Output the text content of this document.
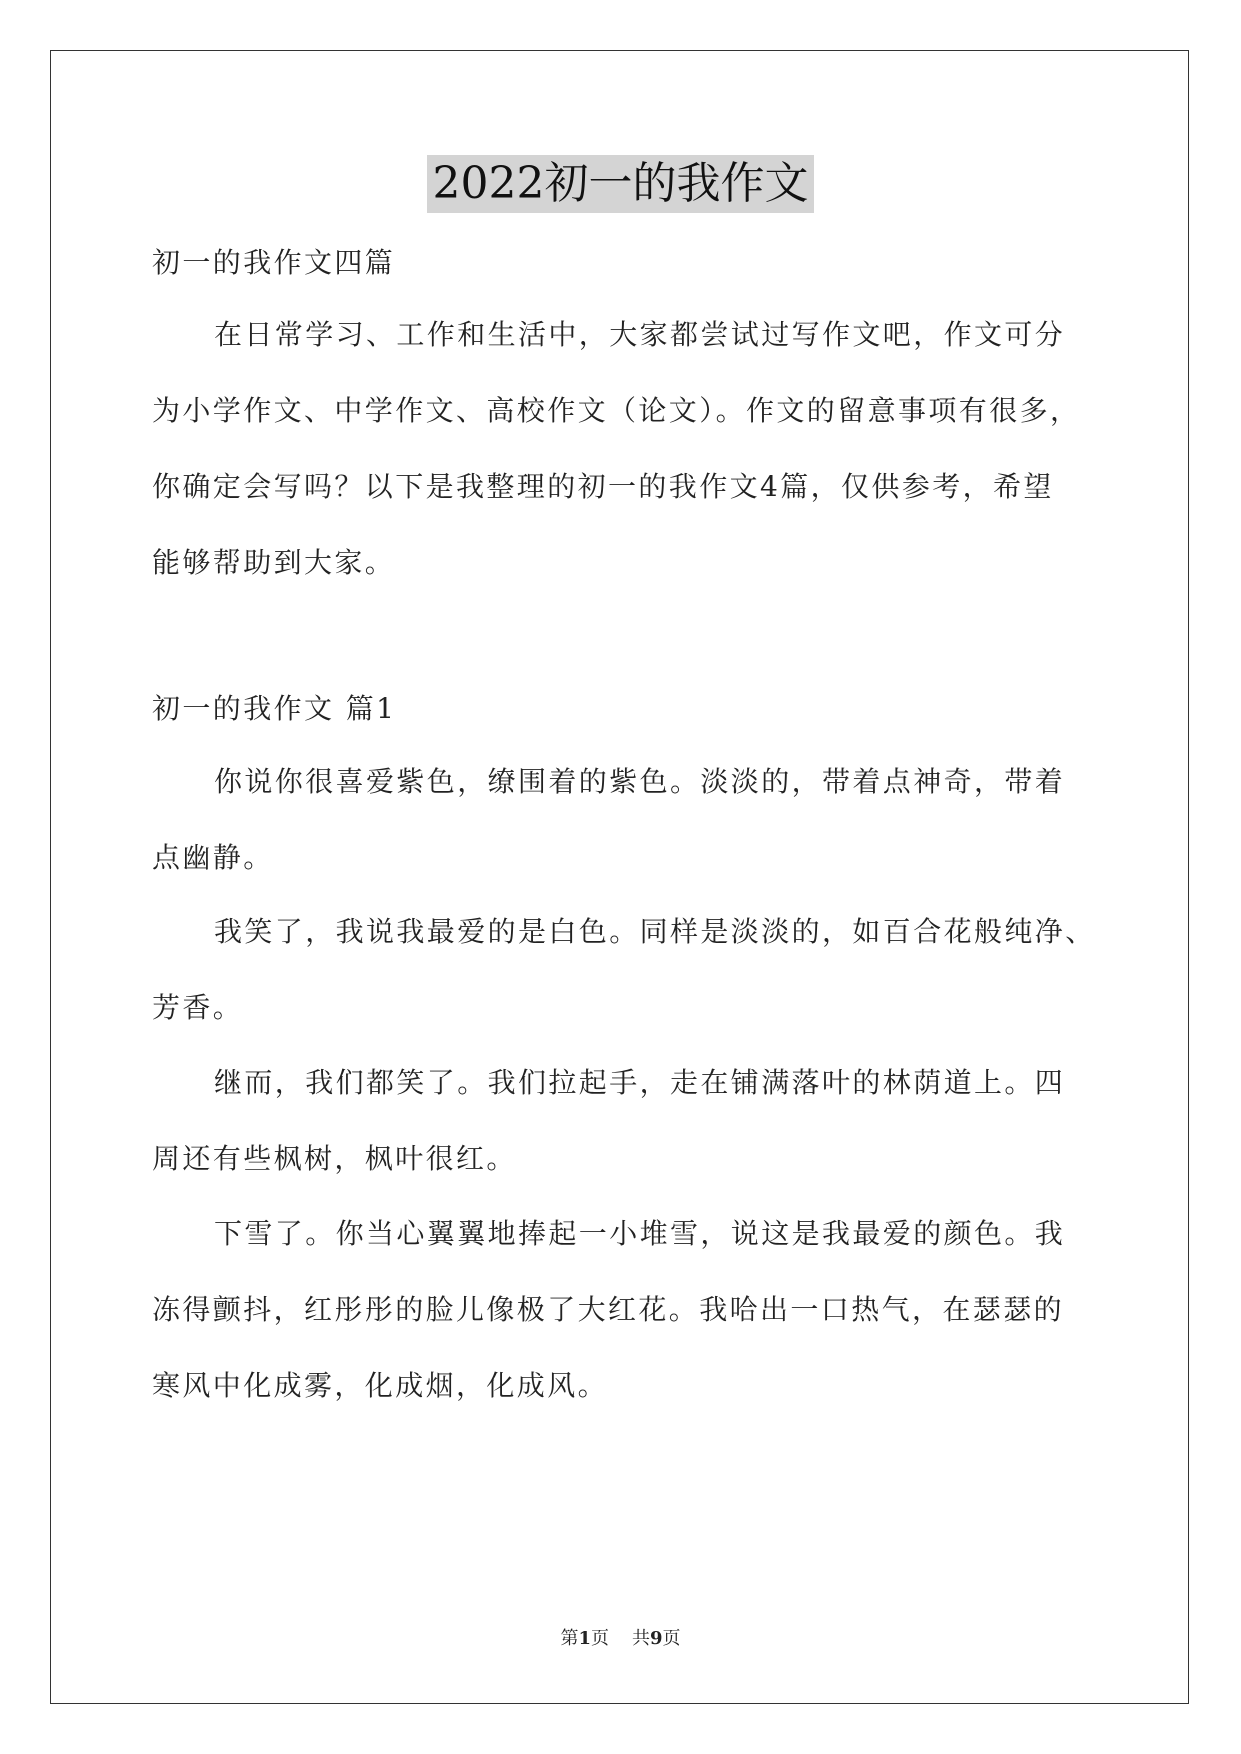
2022初一的我作文
初一的我作文四篇
在日常学习、工作和生活中，大家都尝试过写作文吧，作文可分
为小学作文、中学作文、高校作文（论文）。作文的留意事项有很多，
你确定会写吗？以下是我整理的初一的我作文4篇，仅供参考，希望
能够帮助到大家。
初一的我作文 篇1
你说你很喜爱紫色，缭围着的紫色。淡淡的，带着点神奇，带着
点幽静。
我笑了，我说我最爱的是白色。同样是淡淡的，如百合花般纯净、
芳香。
继而，我们都笑了。我们拉起手，走在铺满落叶的林荫道上。四
周还有些枫树，枫叶很红。
下雪了。你当心翼翼地捧起一小堆雪，说这是我最爱的颜色。我
冻得颤抖，红彤彤的脸儿像极了大红花。我哈出一口热气，在瑟瑟的
寒风中化成雾，化成烟，化成风。
第1页 共9页
